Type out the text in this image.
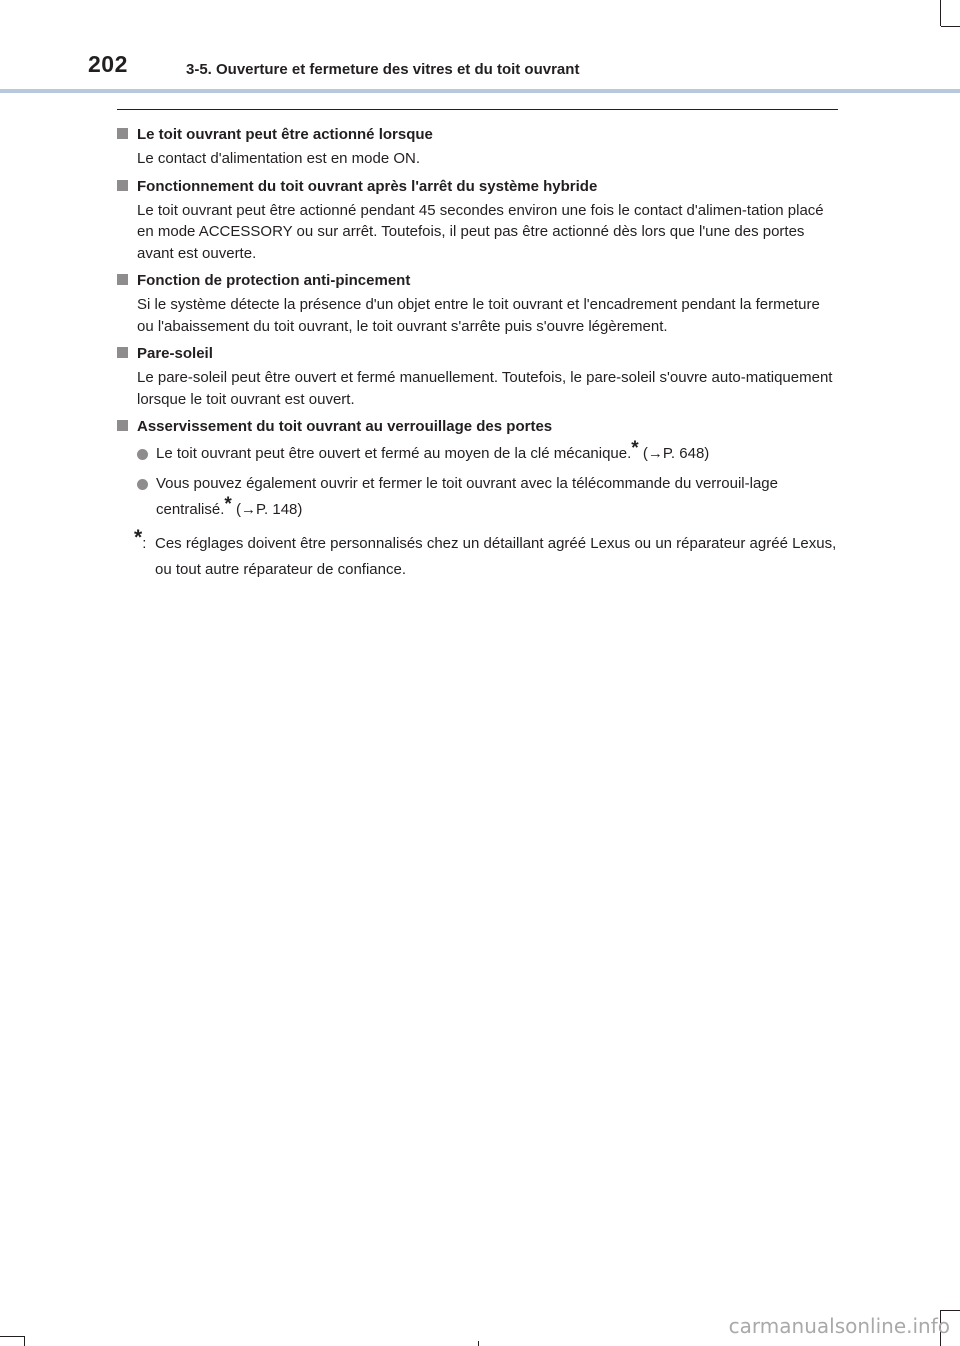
202	3-5. Ouverture et fermeture des vitres et du toit ouvrant
Le toit ouvrant peut être actionné lorsque
Le contact d'alimentation est en mode ON.
Fonctionnement du toit ouvrant après l'arrêt du système hybride
Le toit ouvrant peut être actionné pendant 45 secondes environ une fois le contact d'alimen-tation placé en mode ACCESSORY ou sur arrêt. Toutefois, il peut pas être actionné dès lors que l'une des portes avant est ouverte.
Fonction de protection anti-pincement
Si le système détecte la présence d'un objet entre le toit ouvrant et l'encadrement pendant la fermeture ou l'abaissement du toit ouvrant, le toit ouvrant s'arrête puis s'ouvre légèrement.
Pare-soleil
Le pare-soleil peut être ouvert et fermé manuellement. Toutefois, le pare-soleil s'ouvre auto-matiquement lorsque le toit ouvrant est ouvert.
Asservissement du toit ouvrant au verrouillage des portes
Le toit ouvrant peut être ouvert et fermé au moyen de la clé mécanique.* (→P. 648)
Vous pouvez également ouvrir et fermer le toit ouvrant avec la télécommande du verrouil-lage centralisé.* (→P. 148)
*: Ces réglages doivent être personnalisés chez un détaillant agréé Lexus ou un réparateur agréé Lexus, ou tout autre réparateur de confiance.
carmanualsonline.info
